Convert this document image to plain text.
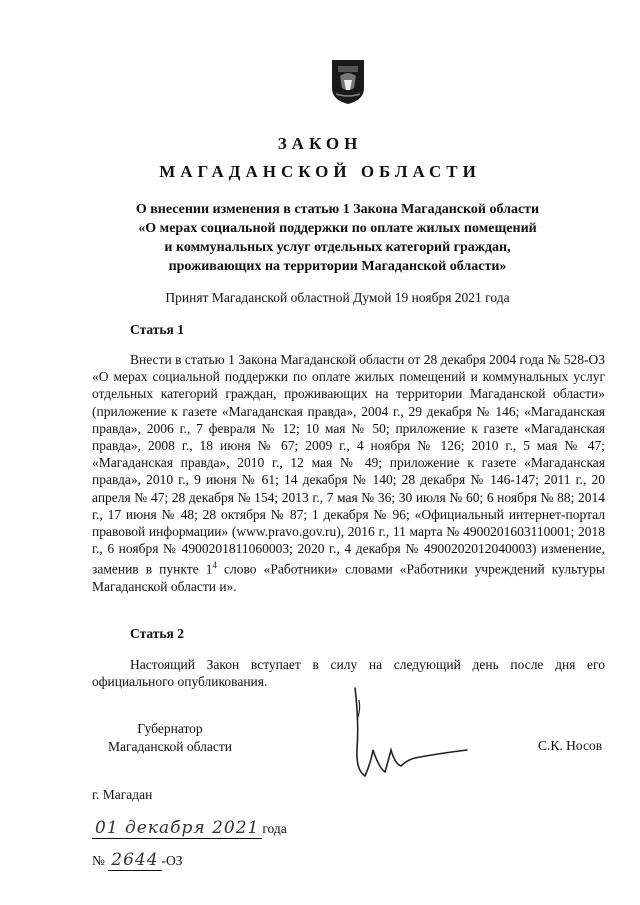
ЗАКОН
МАГАДАНСКОЙ ОБЛАСТИ
О внесении изменения в статью 1 Закона Магаданской области
«О мерах социальной поддержки по оплате жилых помещений
и коммунальных услуг отдельных категорий граждан,
проживающих на территории Магаданской области»
Принят Магаданской областной Думой 19 ноября 2021 года
Статья 1
Внести в статью 1 Закона Магаданской области от 28 декабря 2004 года № 528-ОЗ «О мерах социальной поддержки по оплате жилых помещений и коммунальных услуг отдельных категорий граждан, проживающих на территории Магаданской области» (приложение к газете «Магаданская правда», 2004 г., 29 декабря № 146; «Магаданская правда», 2006 г., 7 февраля № 12; 10 мая № 50; приложение к газете «Магаданская правда», 2008 г., 18 июня № 67; 2009 г., 4 ноября № 126; 2010 г., 5 мая № 47; «Магаданская правда», 2010 г., 12 мая № 49; приложение к газете «Магаданская правда», 2010 г., 9 июня № 61; 14 декабря № 140; 28 декабря № 146-147; 2011 г., 20 апреля № 47; 28 декабря № 154; 2013 г., 7 мая № 36; 30 июля № 60; 6 ноября № 88; 2014 г., 17 июня № 48; 28 октября № 87; 1 декабря № 96; «Официальный интернет-портал правовой информации» (www.pravo.gov.ru), 2016 г., 11 марта № 4900201603110001; 2018 г., 6 ноября № 4900201811060003; 2020 г., 4 декабря № 4900202012040003) изменение, заменив в пункте $1^4$ слово «Работники» словами «Работники учреждений культуры Магаданской области и».
Статья 2
Настоящий Закон вступает в силу на следующий день после дня его официального опубликования.
Губернатор
Магаданской области	С.К. Носов
г. Магадан
01 декабря 2021 года
№ 2644 -ОЗ
